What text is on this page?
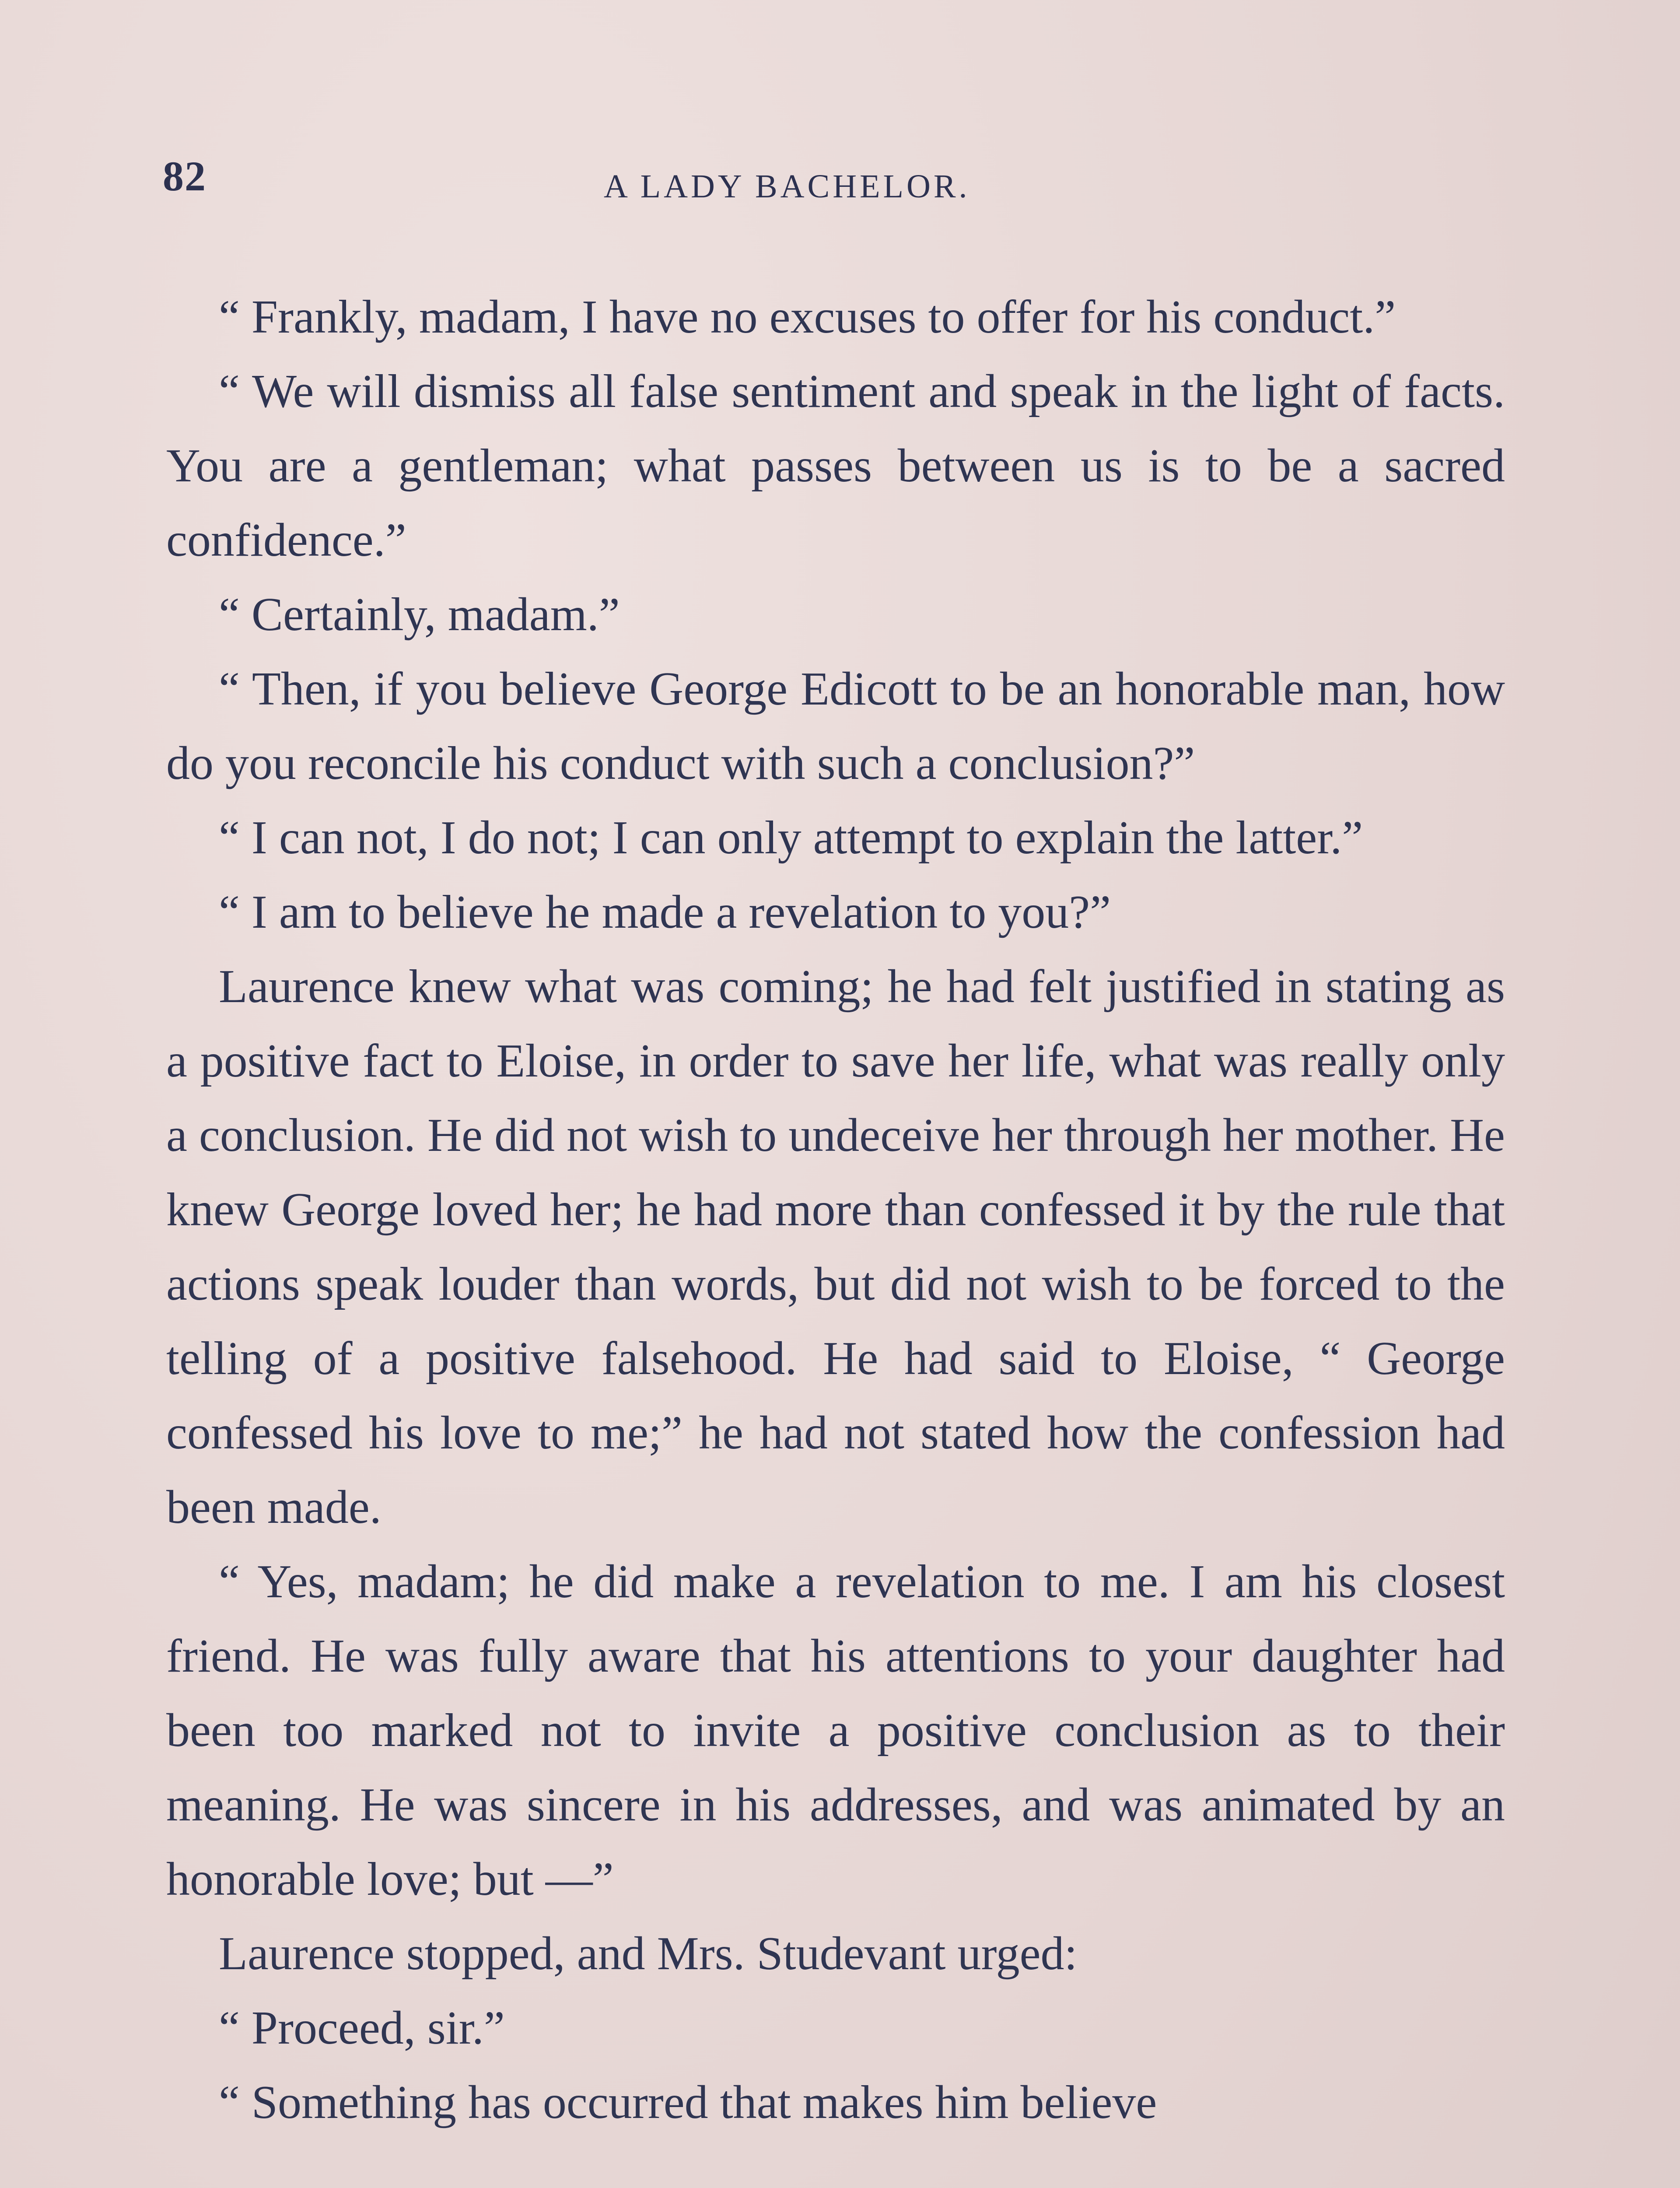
82	A LADY BACHELOR.

“ Frankly, madam, I have no excuses to offer for his conduct.”

“ We will dismiss all false sentiment and speak in the light of facts. You are a gentleman; what passes between us is to be a sacred confidence.”

“ Certainly, madam.”

“ Then, if you believe George Edicott to be an honorable man, how do you reconcile his conduct with such a conclusion?”

“ I can not, I do not; I can only attempt to explain the latter.”

“ I am to believe he made a revelation to you?”

Laurence knew what was coming; he had felt justified in stating as a positive fact to Eloise, in order to save her life, what was really only a conclusion. He did not wish to undeceive her through her mother. He knew George loved her; he had more than confessed it by the rule that actions speak louder than words, but did not wish to be forced to the telling of a positive falsehood. He had said to Eloise, “ George confessed his love to me;” he had not stated how the confession had been made.

“ Yes, madam; he did make a revelation to me. I am his closest friend. He was fully aware that his attentions to your daughter had been too marked not to invite a positive conclusion as to their meaning. He was sincere in his addresses, and was animated by an honorable love; but —”

Laurence stopped, and Mrs. Studevant urged:

“ Proceed, sir.”

“ Something has occurred that makes him believe
